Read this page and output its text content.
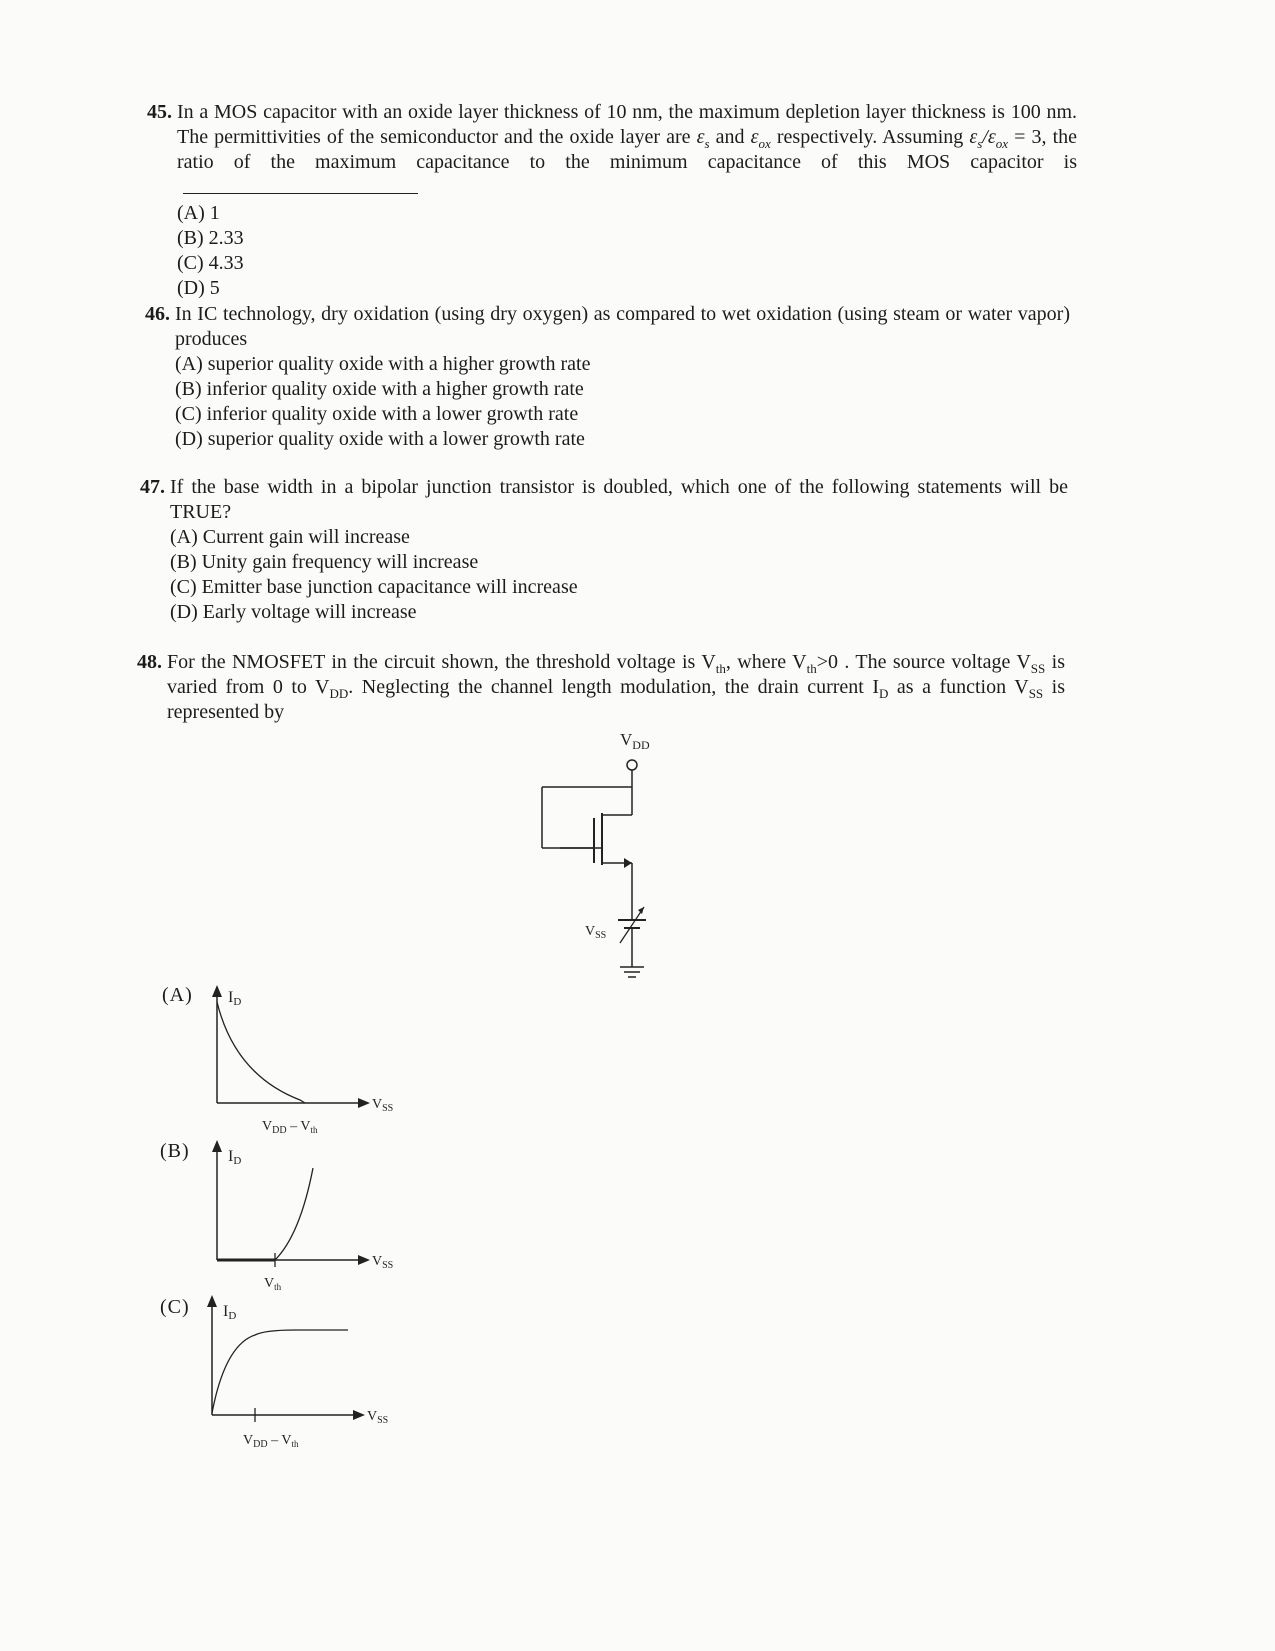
45. In a MOS capacitor with an oxide layer thickness of 10 nm, the maximum depletion layer thickness is 100 nm. The permittivities of the semiconductor and the oxide layer are $\varepsilon_s$ and $\varepsilon_{ox}$ respectively. Assuming $\varepsilon_s/\varepsilon_{ox} = 3$, the ratio of the maximum capacitance to the minimum capacitance of this MOS capacitor is
(A) 1
(B) 2.33
(C) 4.33
(D) 5
46. In IC technology, dry oxidation (using dry oxygen) as compared to wet oxidation (using steam or water vapor) produces
(A) superior quality oxide with a higher growth rate
(B) inferior quality oxide with a higher growth rate
(C) inferior quality oxide with a lower growth rate
(D) superior quality oxide with a lower growth rate
47. If the base width in a bipolar junction transistor is doubled, which one of the following statements will be TRUE?
(A) Current gain will increase
(B) Unity gain frequency will increase
(C) Emitter base junction capacitance will increase
(D) Early voltage will increase
48. For the NMOSFET in the circuit shown, the threshold voltage is $V_{th}$, where $V_{th}>0$ . The source voltage $V_{SS}$ is varied from 0 to $V_{DD}$. Neglecting the channel length modulation, the drain current $I_D$ as a function $V_{SS}$ is represented by
$V_{DD}$
$V_{SS}$
(A) ID
$V_{SS}$
$V_{DD} - V_{th}$
(B) ID
$V_{SS}$
$V_{th}$
(C) ID
$V_{SS}$
$V_{DD} - V_{th}$
